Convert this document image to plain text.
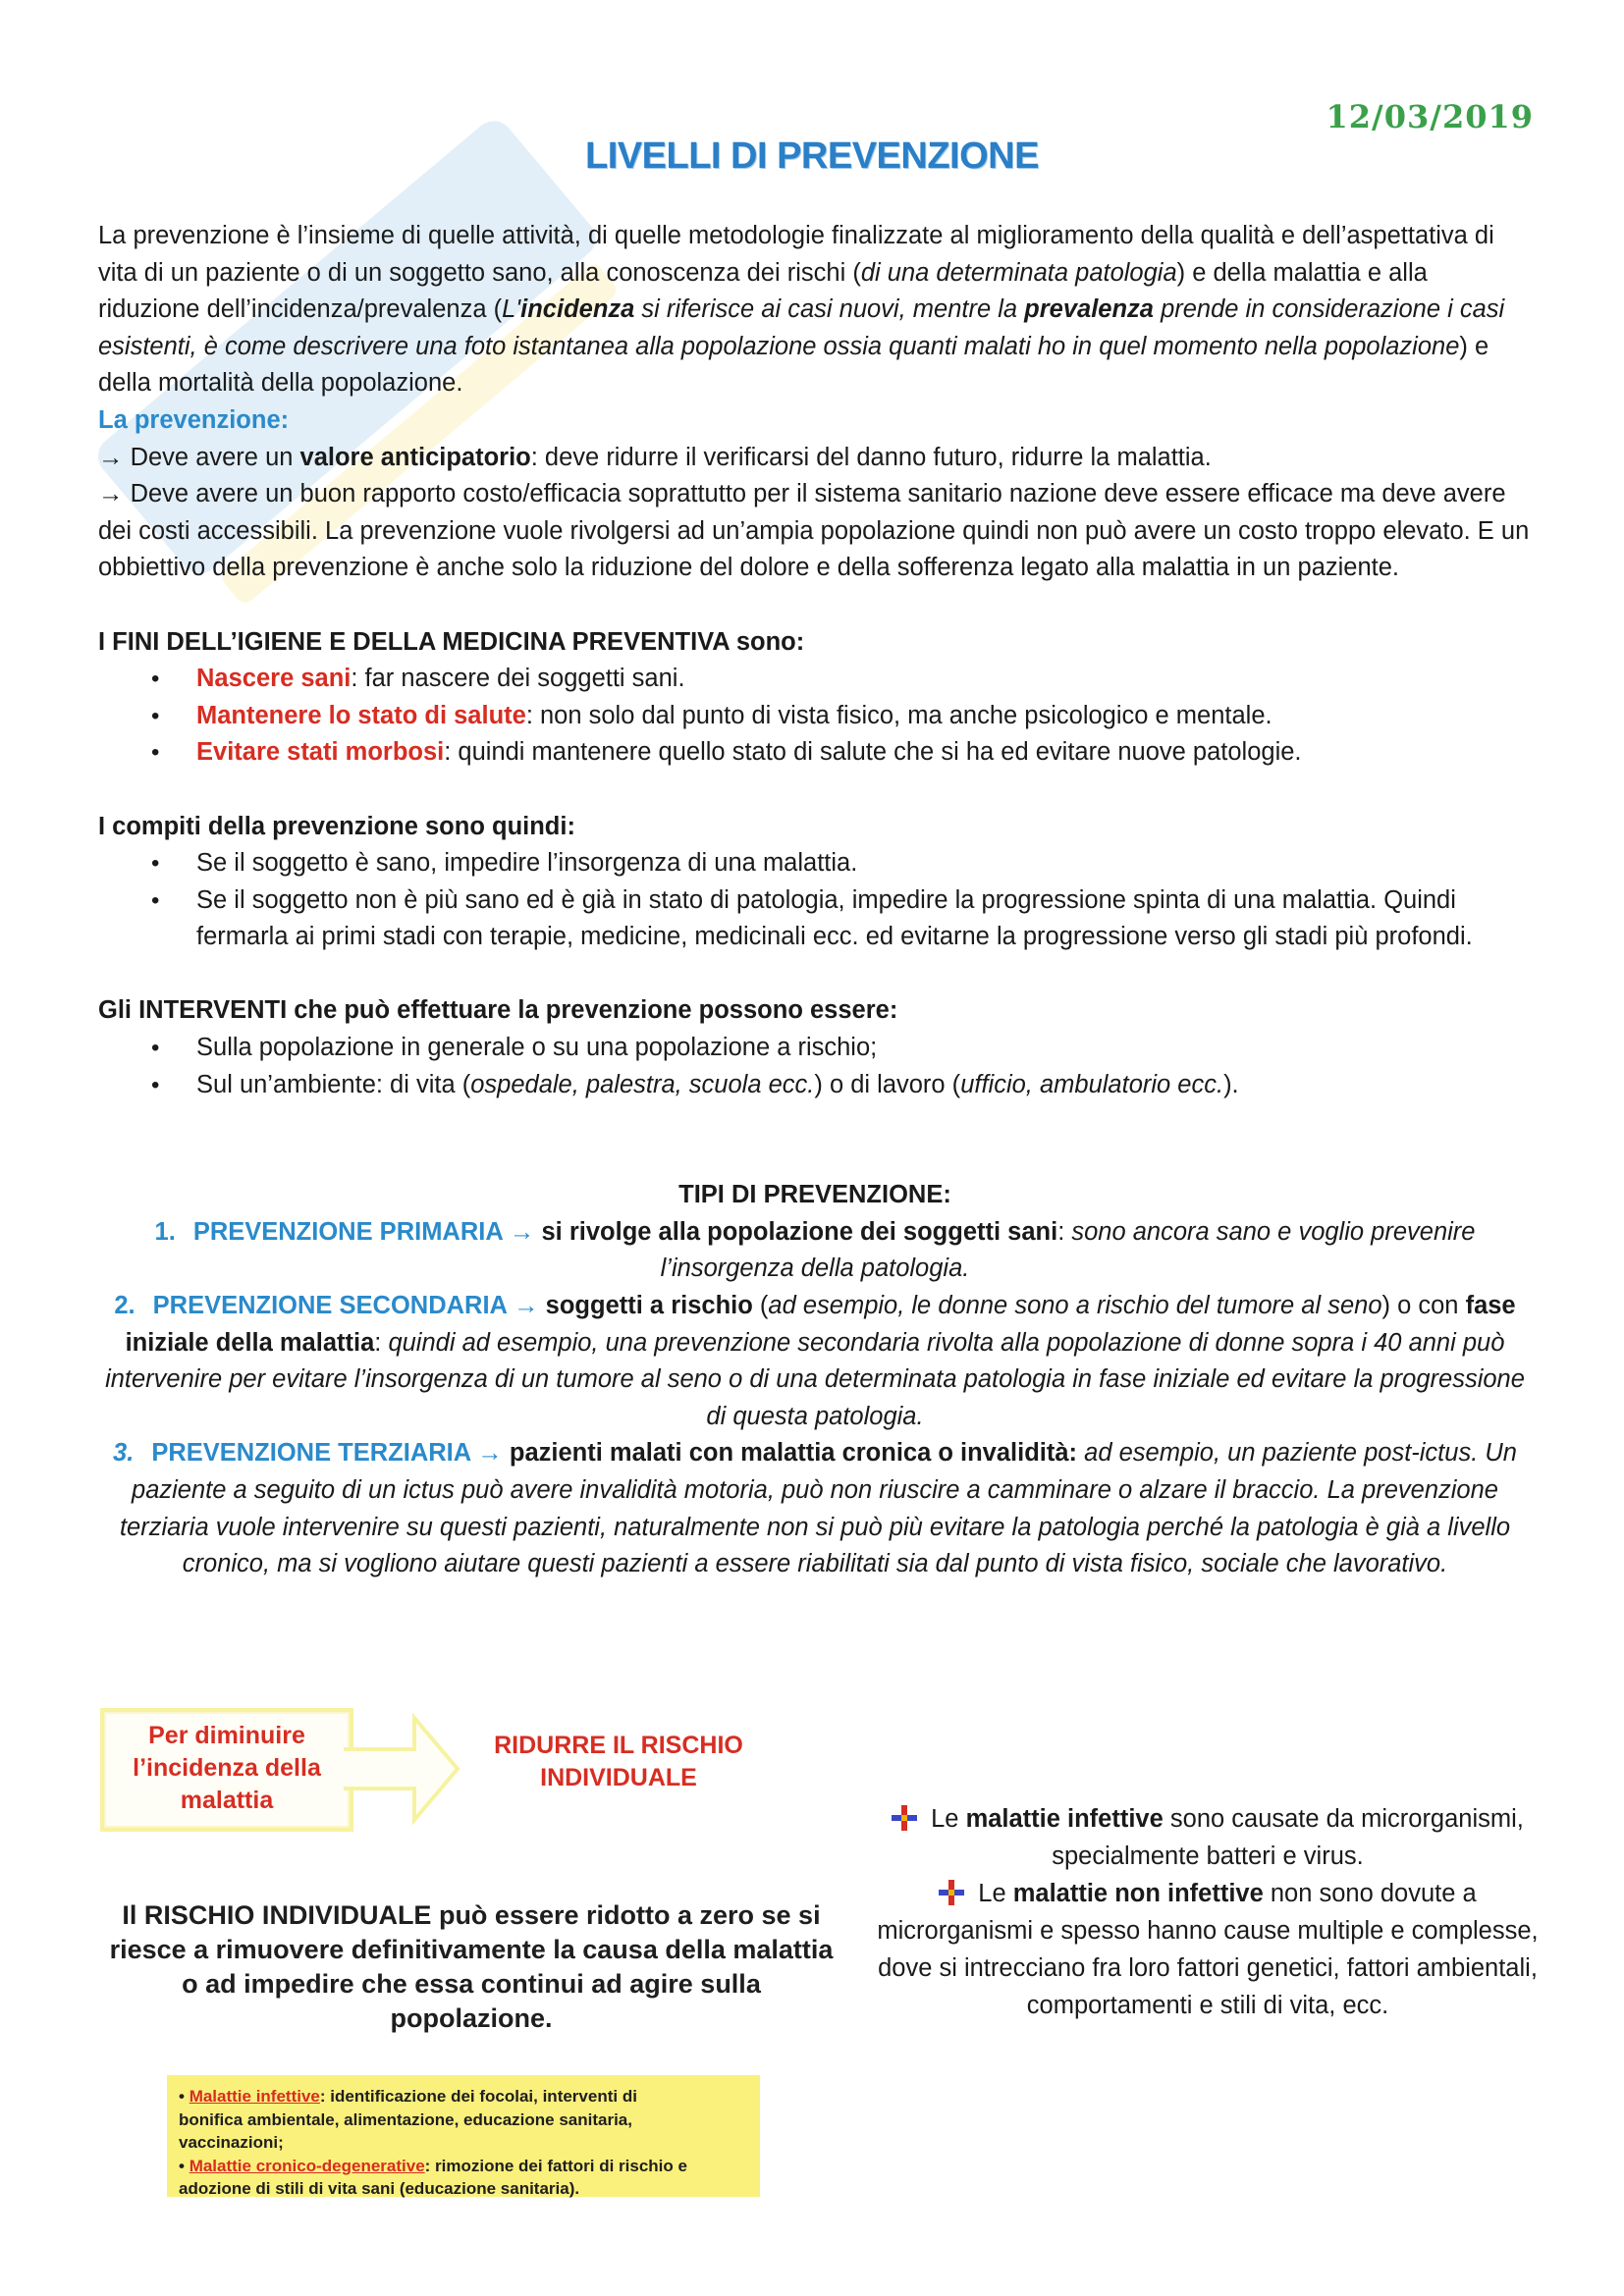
12/03/2019
LIVELLI DI PREVENZIONE

La prevenzione è l’insieme di quelle attività, di quelle metodologie finalizzate al miglioramento della qualità e dell’aspettativa di vita di un paziente o di un soggetto sano, alla conoscenza dei rischi (di una determinata patologia) e della malattia e alla riduzione dell’incidenza/prevalenza (L'incidenza si riferisce ai casi nuovi, mentre la prevalenza prende in considerazione i casi esistenti, è come descrivere una foto istantanea alla popolazione ossia quanti malati ho in quel momento nella popolazione) e della mortalità della popolazione.

La prevenzione:

→ Deve avere un valore anticipatorio: deve ridurre il verificarsi del danno futuro, ridurre la malattia.

→ Deve avere un buon rapporto costo/efficacia soprattutto per il sistema sanitario nazione deve essere efficace ma deve avere dei costi accessibili. La prevenzione vuole rivolgersi ad un’ampia popolazione quindi non può avere un costo troppo elevato. E un obbiettivo della prevenzione è anche solo la riduzione del dolore e della sofferenza legato alla malattia in un paziente.

I FINI DELL’IGIENE E DELLA MEDICINA PREVENTIVA sono:

• Nascere sani: far nascere dei soggetti sani.
• Mantenere lo stato di salute: non solo dal punto di vista fisico, ma anche psicologico e mentale.
• Evitare stati morbosi: quindi mantenere quello stato di salute che si ha ed evitare nuove patologie.

I compiti della prevenzione sono quindi:

• Se il soggetto è sano, impedire l’insorgenza di una malattia.
• Se il soggetto non è più sano ed è già in stato di patologia, impedire la progressione spinta di una malattia. Quindi fermarla ai primi stadi con terapie, medicine, medicinali ecc. ed evitarne la progressione verso gli stadi più profondi.

Gli INTERVENTI che può effettuare la prevenzione possono essere:

• Sulla popolazione in generale o su una popolazione a rischio;
• Sul un’ambiente: di vita (ospedale, palestra, scuola ecc.) o di lavoro (ufficio, ambulatorio ecc.).

TIPI DI PREVENZIONE:

1. PREVENZIONE PRIMARIA → si rivolge alla popolazione dei soggetti sani: sono ancora sano e voglio prevenire l’insorgenza della patologia.

2. PREVENZIONE SECONDARIA → soggetti a rischio (ad esempio, le donne sono a rischio del tumore al seno) o con fase iniziale della malattia: quindi ad esempio, una prevenzione secondaria rivolta alla popolazione di donne sopra i 40 anni può intervenire per evitare l’insorgenza di un tumore al seno o di una determinata patologia in fase iniziale ed evitare la progressione di questa patologia.

3. PREVENZIONE TERZIARIA → pazienti malati con malattia cronica o invalidità: ad esempio, un paziente post-ictus. Un paziente a seguito di un ictus può avere invalidità motoria, può non riuscire a camminare o alzare il braccio. La prevenzione terziaria vuole intervenire su questi pazienti, naturalmente non si può più evitare la patologia perché la patologia è già a livello cronico, ma si vogliono aiutare questi pazienti a essere riabilitati sia dal punto di vista fisico, sociale che lavorativo.

Per diminuire l’incidenza della malattia
RIDURRE IL RISCHIO INDIVIDUALE
Il RISCHIO INDIVIDUALE può essere ridotto a zero se si riesce a rimuovere definitivamente la causa della malattia o ad impedire che essa continui ad agire sulla popolazione.
• Malattie infettive: identificazione dei focolai, interventi di
bonifica ambientale, alimentazione, educazione sanitaria,
vaccinazioni;
• Malattie cronico-degenerative: rimozione dei fattori di rischio e
adozione di stili di vita sani (educazione sanitaria).

Le malattie infettive sono causate da microrganismi, specialmente batteri e virus.

Le malattie non infettive non sono dovute a microrganismi e spesso hanno cause multiple e complesse, dove si intrecciano fra loro fattori genetici, fattori ambientali, comportamenti e stili di vita, ecc.
